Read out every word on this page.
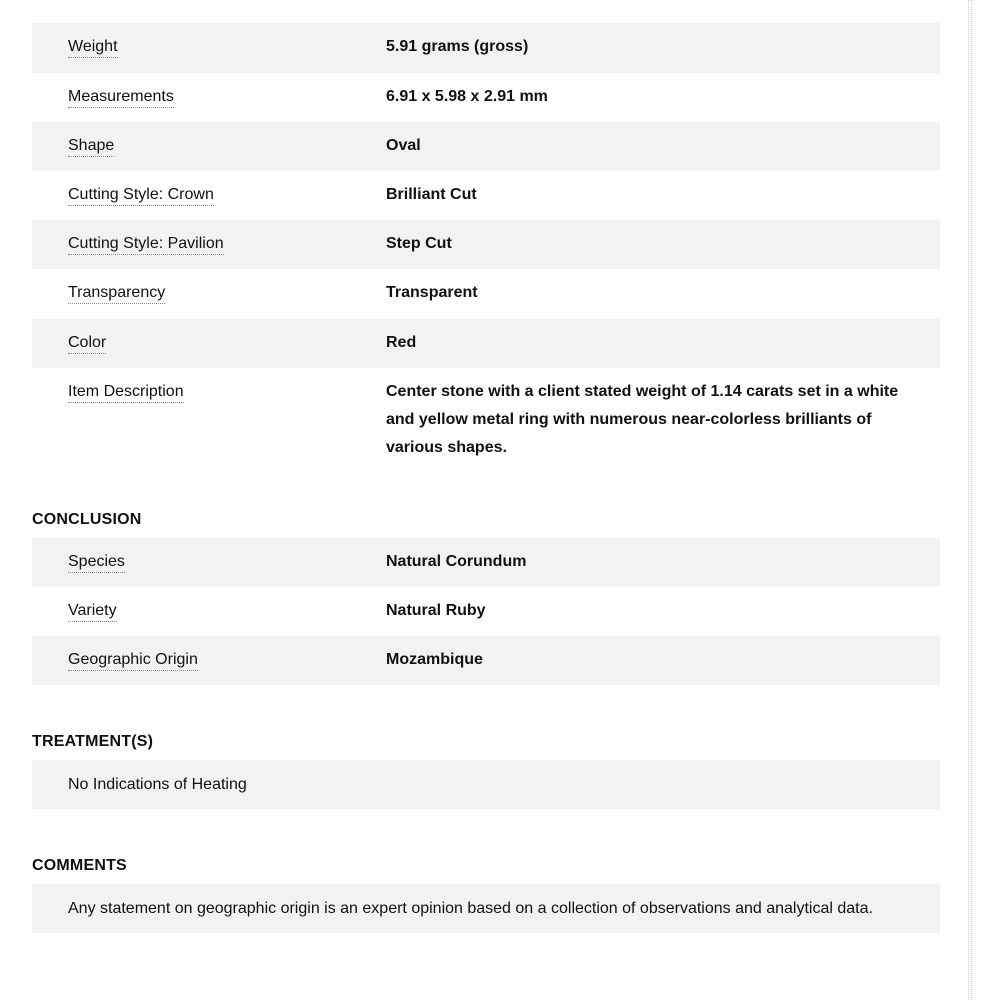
Weight	5.91 grams (gross)
Measurements	6.91 x 5.98 x 2.91 mm
Shape	Oval
Cutting Style: Crown	Brilliant Cut
Cutting Style: Pavilion	Step Cut
Transparency	Transparent
Color	Red
Item Description	Center stone with a client stated weight of 1.14 carats set in a white and yellow metal ring with numerous near-colorless brilliants of various shapes.
CONCLUSION
Species	Natural Corundum
Variety	Natural Ruby
Geographic Origin	Mozambique
TREATMENT(S)
No Indications of Heating
COMMENTS
Any statement on geographic origin is an expert opinion based on a collection of observations and analytical data.
